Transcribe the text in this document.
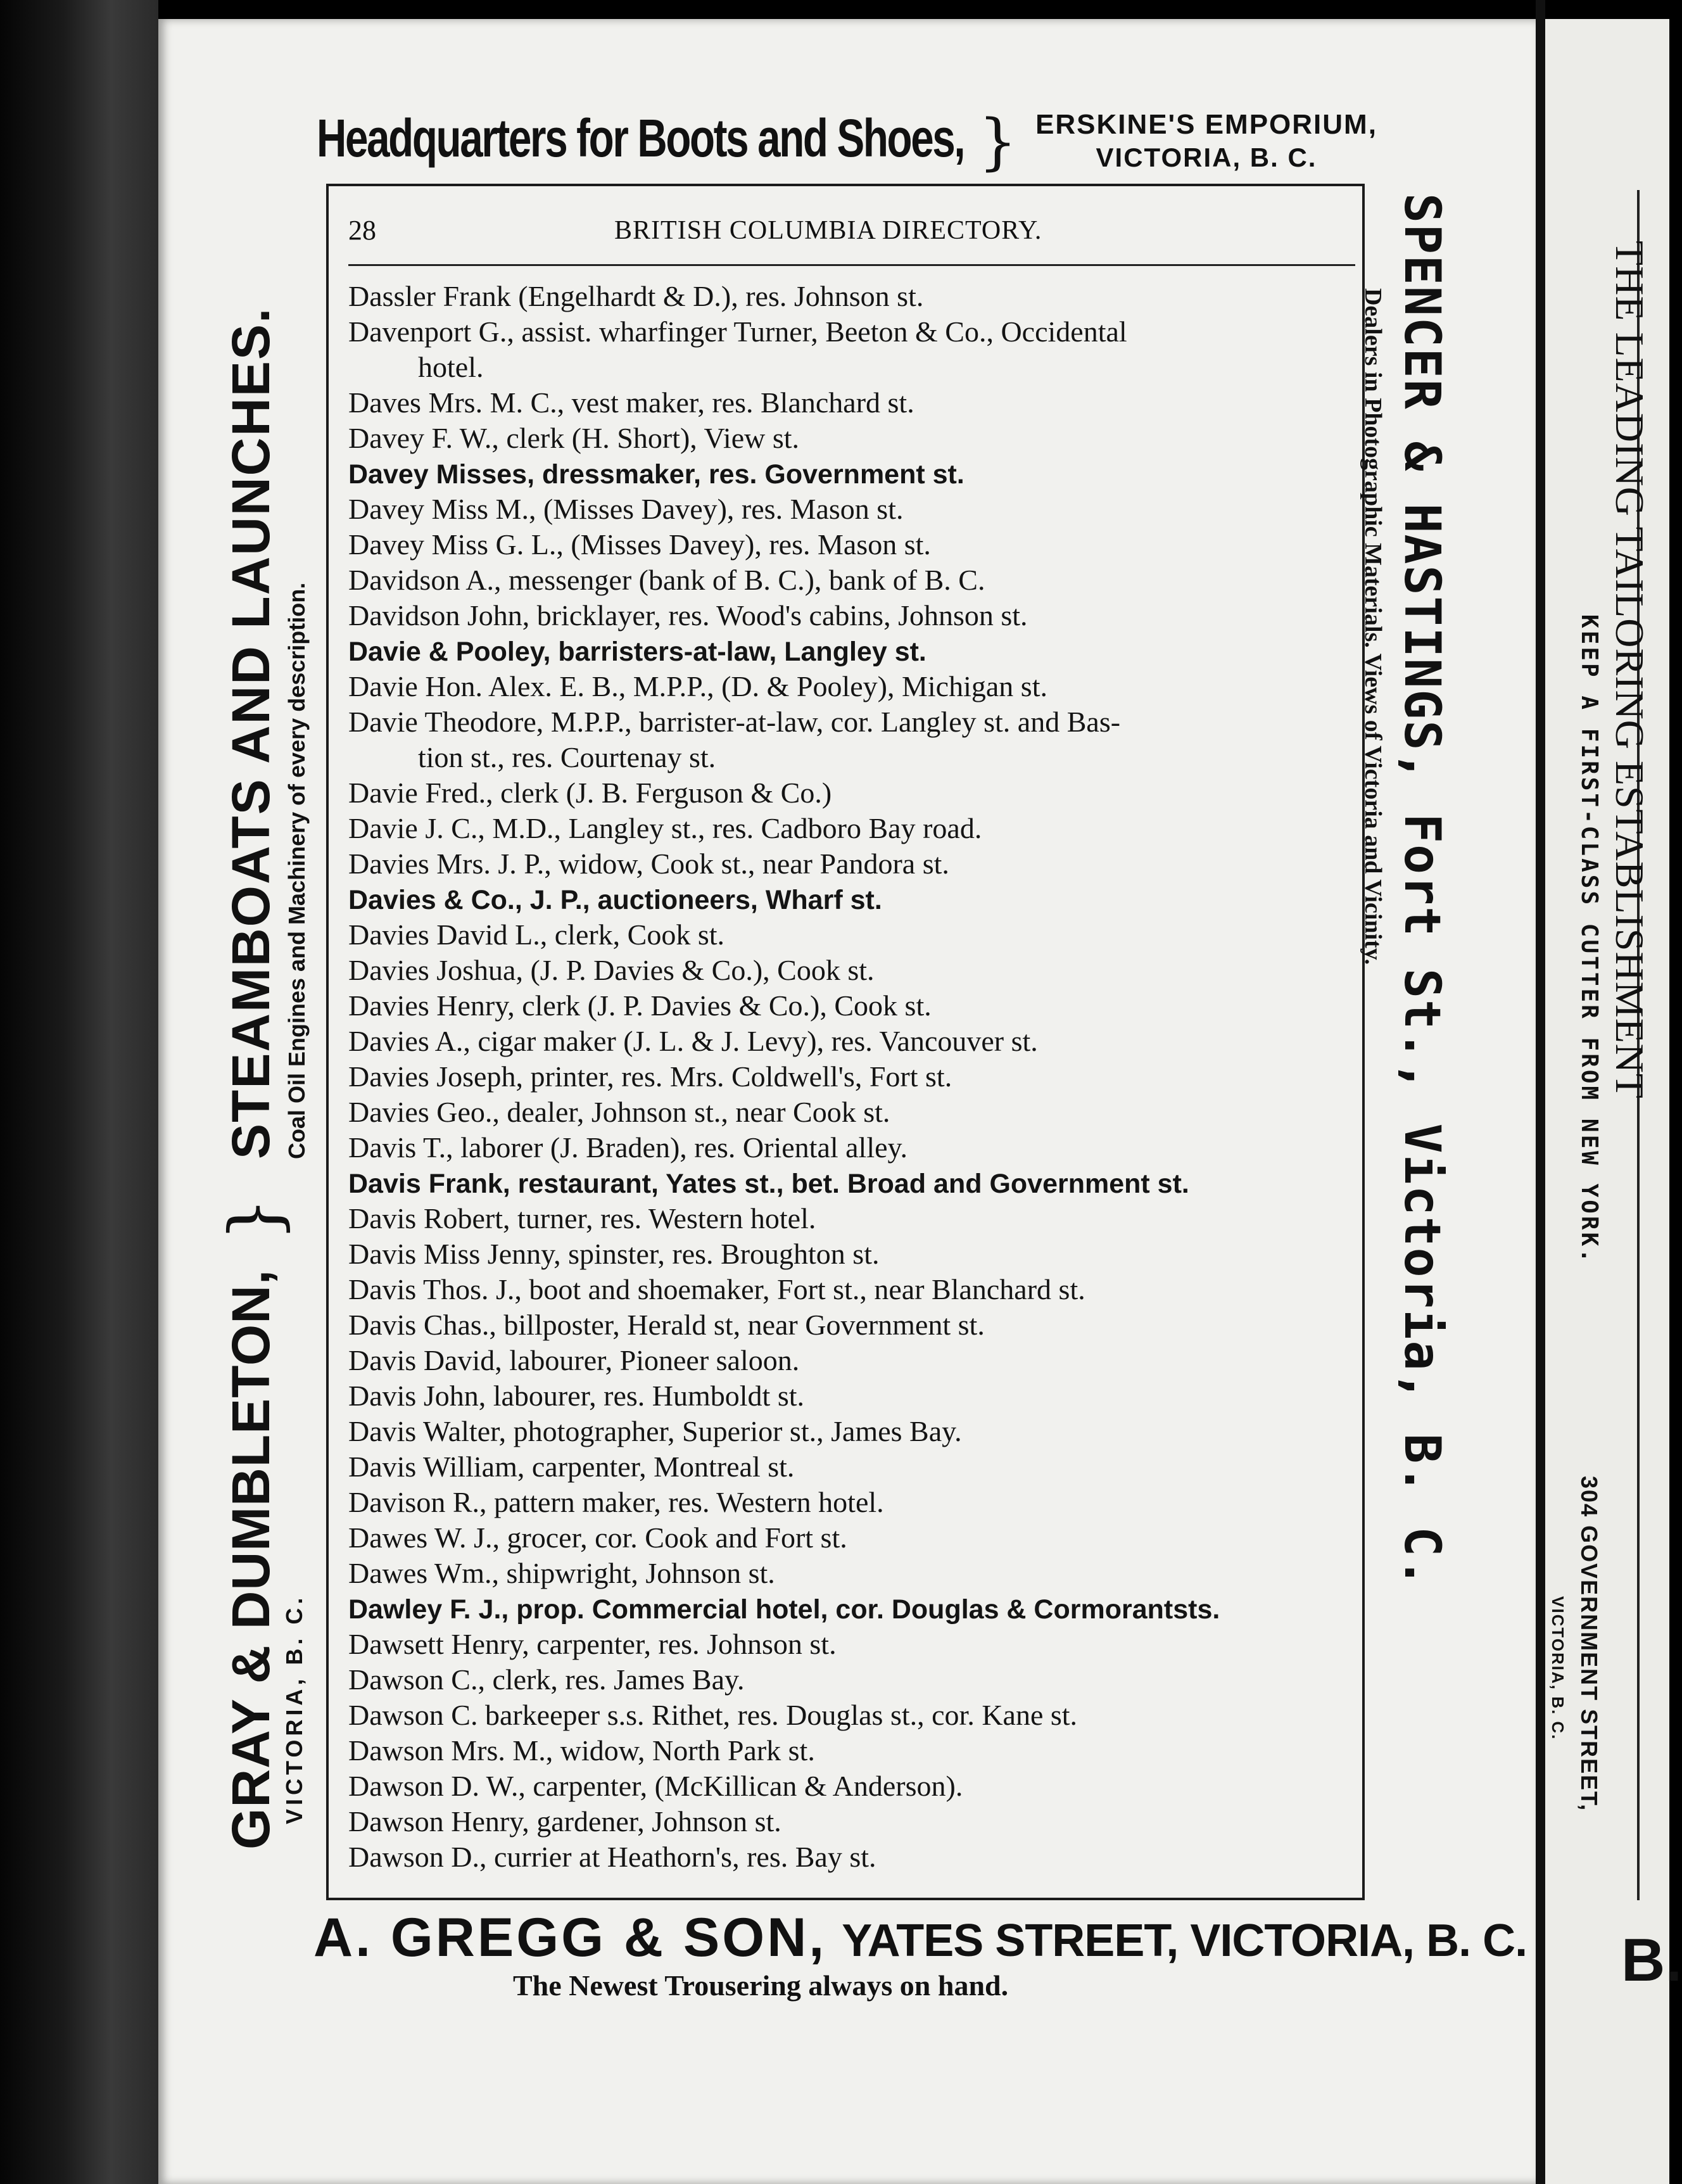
Headquarters for Boots and Shoes, } ERSKINE'S EMPORIUM,
VICTORIA, B. C.
28	BRITISH COLUMBIA DIRECTORY.
Dassler Frank (Engelhardt & D.), res. Johnson st.
Davenport G., assist. wharfinger Turner, Beeton & Co., Occidental
hotel.
Daves Mrs. M. C., vest maker, res. Blanchard st.
Davey F. W., clerk (H. Short), View st.
Davey Misses, dressmaker, res. Government st.
Davey Miss M., (Misses Davey), res. Mason st.
Davey Miss G. L., (Misses Davey), res. Mason st.
Davidson A., messenger (bank of B. C.), bank of B. C.
Davidson John, bricklayer, res. Wood's cabins, Johnson st.
Davie & Pooley, barristers-at-law, Langley st.
Davie Hon. Alex. E. B., M.P.P., (D. & Pooley), Michigan st.
Davie Theodore, M.P.P., barrister-at-law, cor. Langley st. and Bas-
tion st., res. Courtenay st.
Davie Fred., clerk (J. B. Ferguson & Co.)
Davie J. C., M.D., Langley st., res. Cadboro Bay road.
Davies Mrs. J. P., widow, Cook st., near Pandora st.
Davies & Co., J. P., auctioneers, Wharf st.
Davies David L., clerk, Cook st.
Davies Joshua, (J. P. Davies & Co.), Cook st.
Davies Henry, clerk (J. P. Davies & Co.), Cook st.
Davies A., cigar maker (J. L. & J. Levy), res. Vancouver st.
Davies Joseph, printer, res. Mrs. Coldwell's, Fort st.
Davies Geo., dealer, Johnson st., near Cook st.
Davis T., laborer (J. Braden), res. Oriental alley.
Davis Frank, restaurant, Yates st., bet. Broad and Government st.
Davis Robert, turner, res. Western hotel.
Davis Miss Jenny, spinster, res. Broughton st.
Davis Thos. J., boot and shoemaker, Fort st., near Blanchard st.
Davis Chas., billposter, Herald st, near Government st.
Davis David, labourer, Pioneer saloon.
Davis John, labourer, res. Humboldt st.
Davis Walter, photographer, Superior st., James Bay.
Davis William, carpenter, Montreal st.
Davison R., pattern maker, res. Western hotel.
Dawes W. J., grocer, cor. Cook and Fort st.
Dawes Wm., shipwright, Johnson st.
Dawley F. J., prop. Commercial hotel, cor. Douglas & Cormorantsts.
Dawsett Henry, carpenter, res. Johnson st.
Dawson C., clerk, res. James Bay.
Dawson C. barkeeper s.s. Rithet, res. Douglas st., cor. Kane st.
Dawson Mrs. M., widow, North Park st.
Dawson D. W., carpenter, (McKillican & Anderson).
Dawson Henry, gardener, Johnson st.
Dawson D., currier at Heathorn's, res. Bay st.
GRAY & DUMBLETON, VICTORIA, B. C.
}
STEAMBOATS AND LAUNCHES. Coal Oil Engines and Machinery of every description.	SPENCER & HASTINGS, Fort St., Victoria, B. C.
Dealers in Photographic Materials. Views of Victoria and Vicinity.
A. GREGG & SON, YATES STREET, VICTORIA, B. C.
The Newest Trousering always on hand.
THE LEADING TAILORING ESTABLISHMENT
KEEP A FIRST-CLASS CUTTER FROM NEW YORK.
304 GOVERNMENT STREET,
VICTORIA, B. C.
B.
